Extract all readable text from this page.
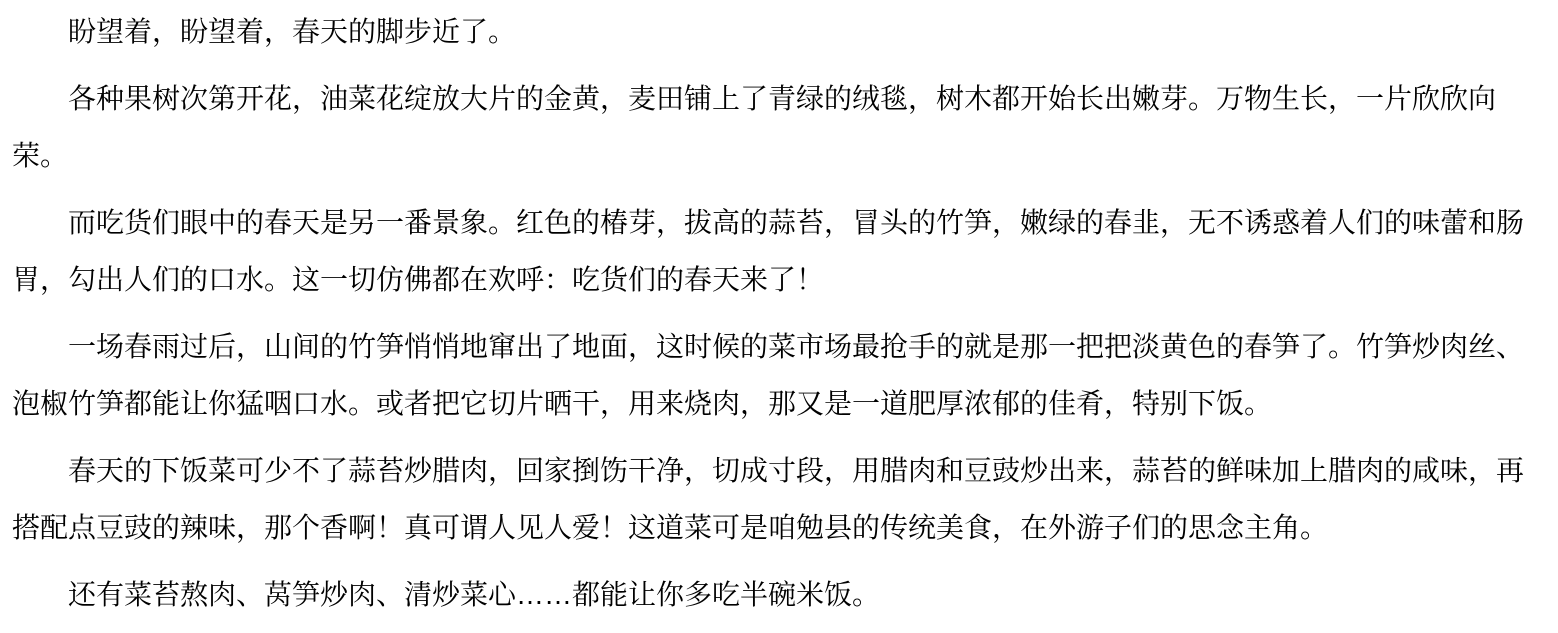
盼望着，盼望着，春天的脚步近了。

各种果树次第开花，油菜花绽放大片的金黄，麦田铺上了青绿的绒毯，树木都开始长出嫩芽。万物生长，一片欣欣向荣。

而吃货们眼中的春天是另一番景象。红色的椿芽，拔高的蒜苔，冒头的竹笋，嫩绿的春韭，无不诱惑着人们的味蕾和肠胃，勾出人们的口水。这一切仿佛都在欢呼：吃货们的春天来了！

一场春雨过后，山间的竹笋悄悄地窜出了地面，这时候的菜市场最抢手的就是那一把把淡黄色的春笋了。竹笋炒肉丝、泡椒竹笋都能让你猛咽口水。或者把它切片晒干，用来烧肉，那又是一道肥厚浓郁的佳肴，特别下饭。

春天的下饭菜可少不了蒜苔炒腊肉，回家捯饬干净，切成寸段，用腊肉和豆豉炒出来，蒜苔的鲜味加上腊肉的咸味，再搭配点豆豉的辣味，那个香啊！真可谓人见人爱！这道菜可是咱勉县的传统美食，在外游子们的思念主角。

还有菜苔熬肉、莴笋炒肉、清炒菜心……都能让你多吃半碗米饭。
